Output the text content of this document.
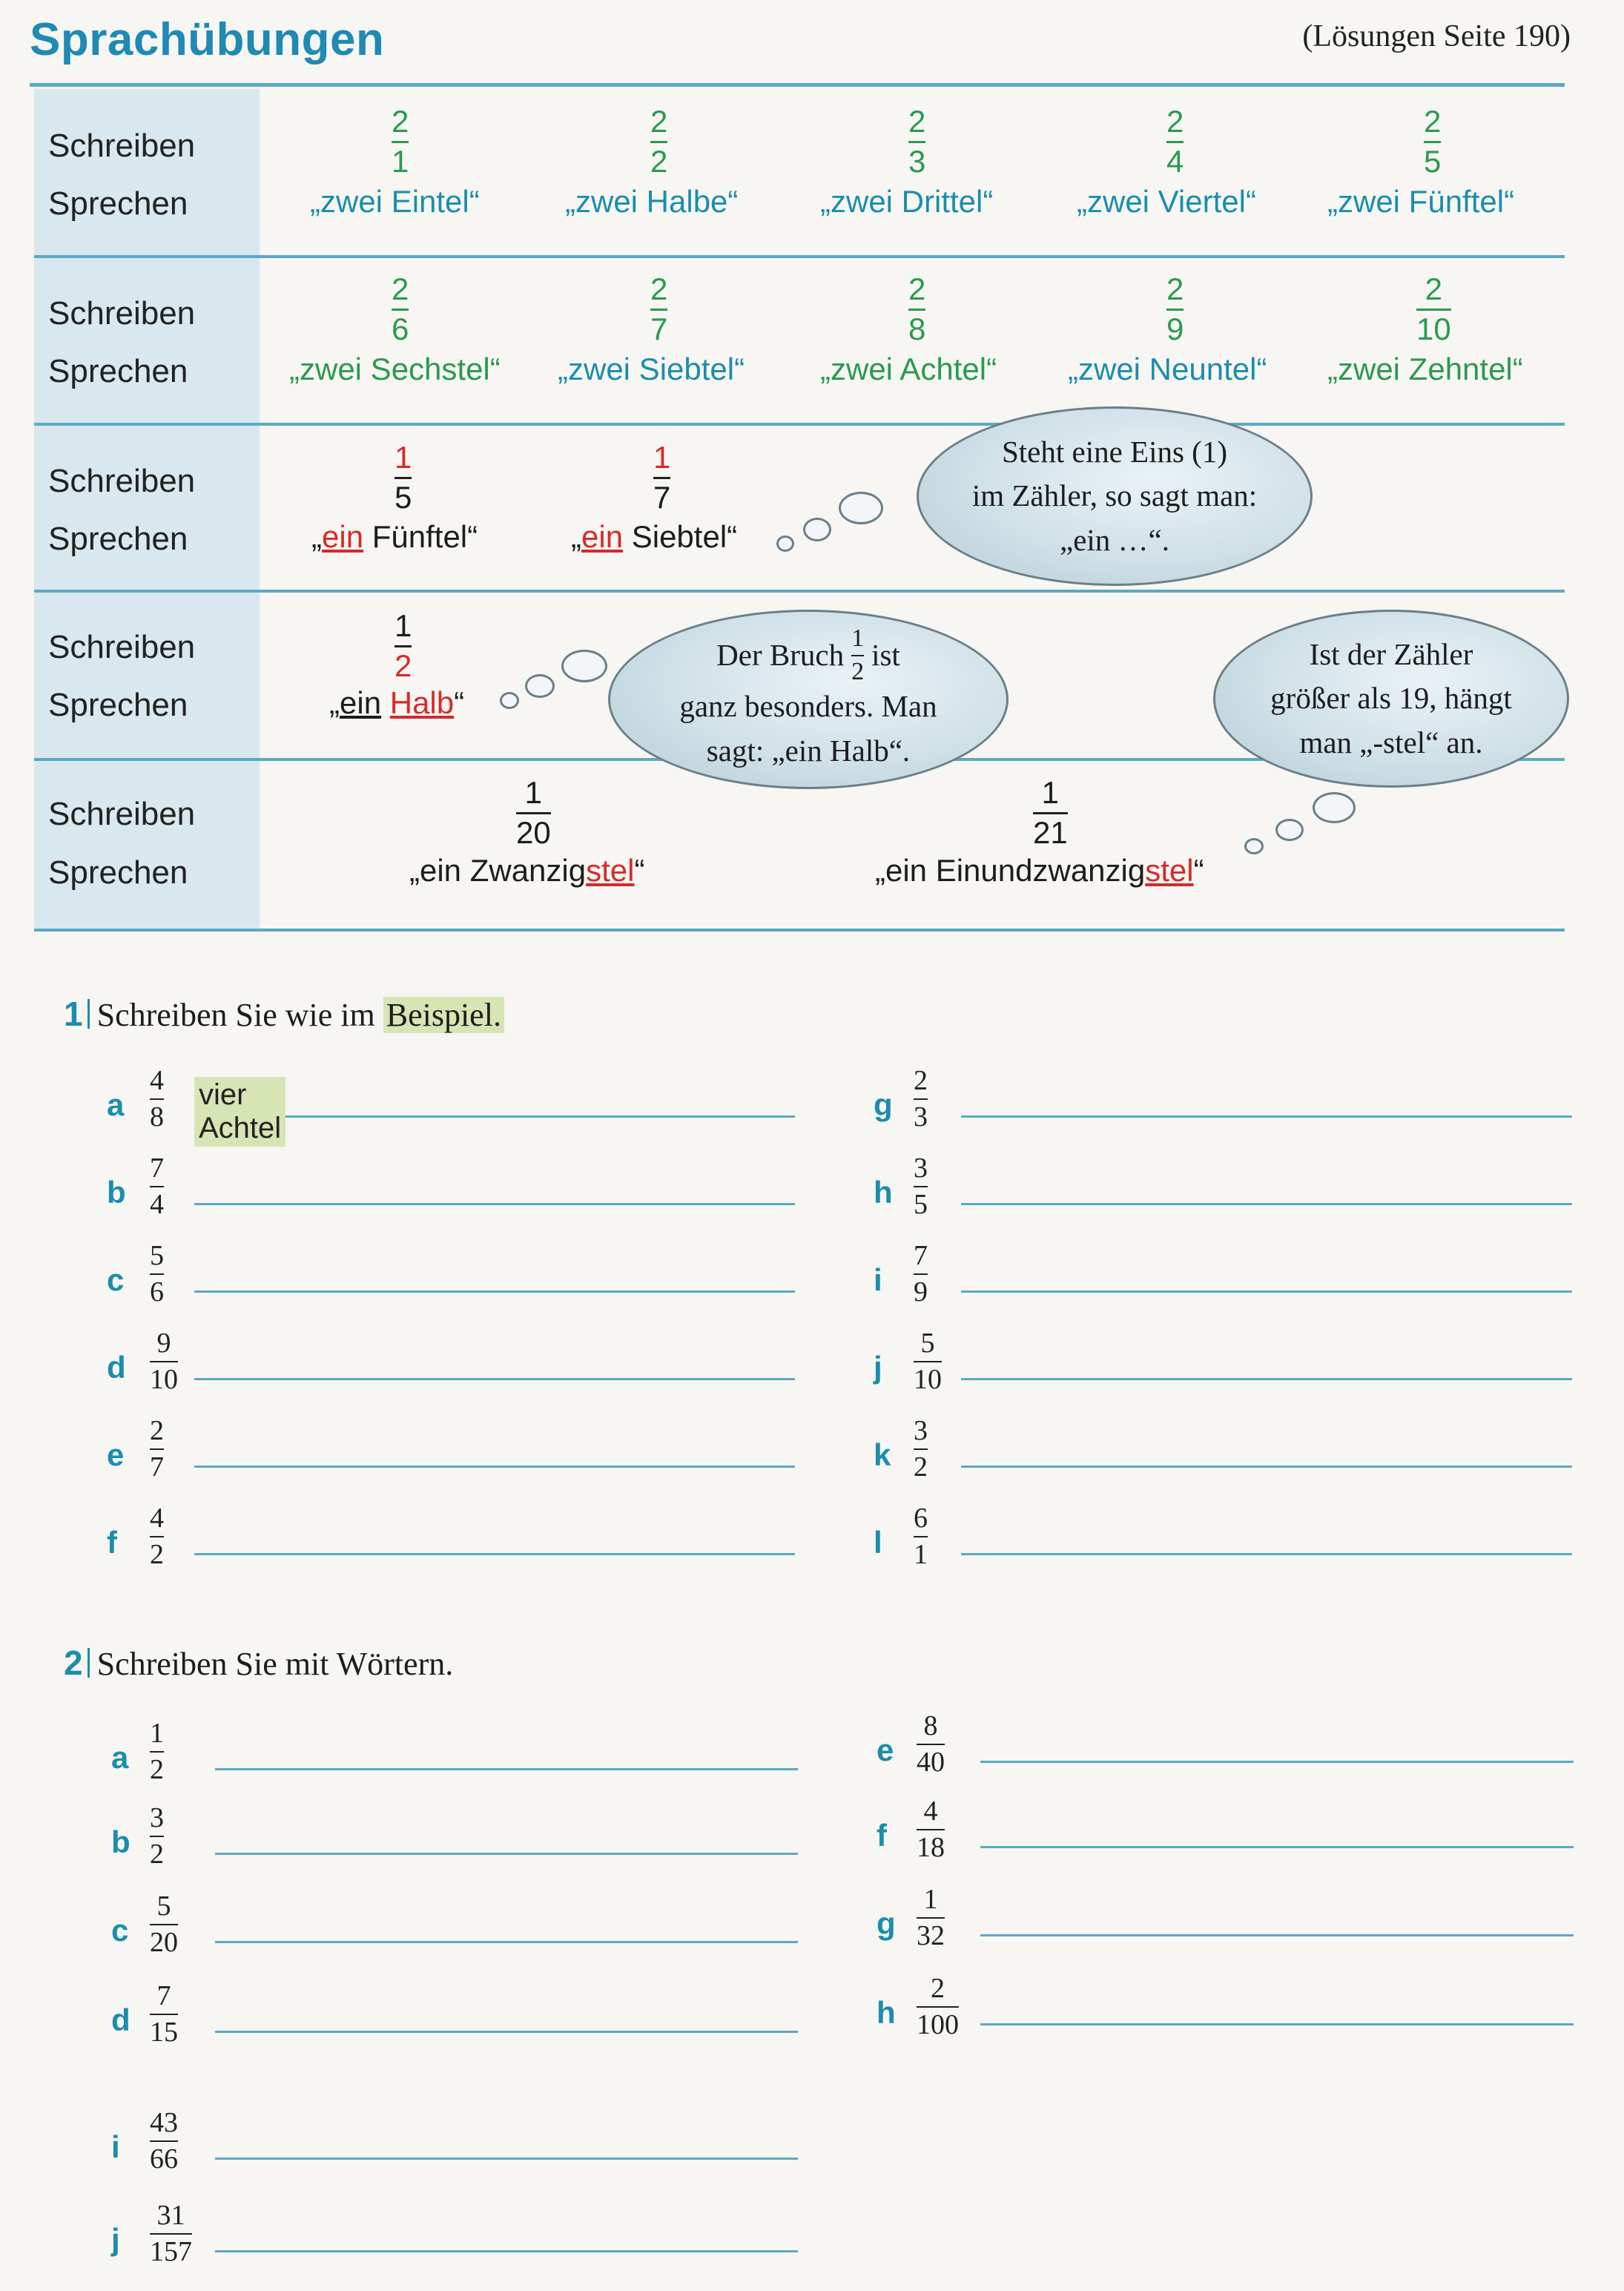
Sprachübungen	(Lösungen Seite 190)
Schreiben
Sprechen
2
1
„zwei Eintel“
2
2
„zwei Halbe“
2
3
„zwei Drittel“
2
4
„zwei Viertel“
2
5
„zwei Fünftel“
Schreiben
Sprechen
2
6
„zwei Sechstel“
2
7
„zwei Siebtel“
2
8
„zwei Achtel“
2
9
„zwei Neuntel“
2
10
„zwei Zehntel“
Schreiben
Sprechen
1
5
„ein Fünftel“
1
7
„ein Siebtel“
Steht eine Eins (1)
im Zähler, so sagt man:
„ein …“.
Schreiben
Sprechen
1
2
„ein Halb“
Der Bruch $\frac{1}{2}$ ist
ganz besonders. Man
sagt: „ein Halb“.
Ist der Zähler
größer als 19, hängt
man „-stel“ an.
Schreiben
Sprechen
1
20
„ein Zwanzigstel“
1
21
„ein Einundzwanzigstel“
1 Schreiben Sie wie im Beispiel.
a
4
8
vier Achtel
b
7
4
c
5
6
d
9
10
e
2
7
f
4
2
g
2
3
h
3
5
i
7
9
j
5
10
k
3
2
l
6
1
a
1
2
b
3
2
c
5
20
d
7
15
i
43
66
j
31
157
e
8
40
f
4
18
g
1
32
h
2
100
2 Schreiben Sie mit Wörtern.
